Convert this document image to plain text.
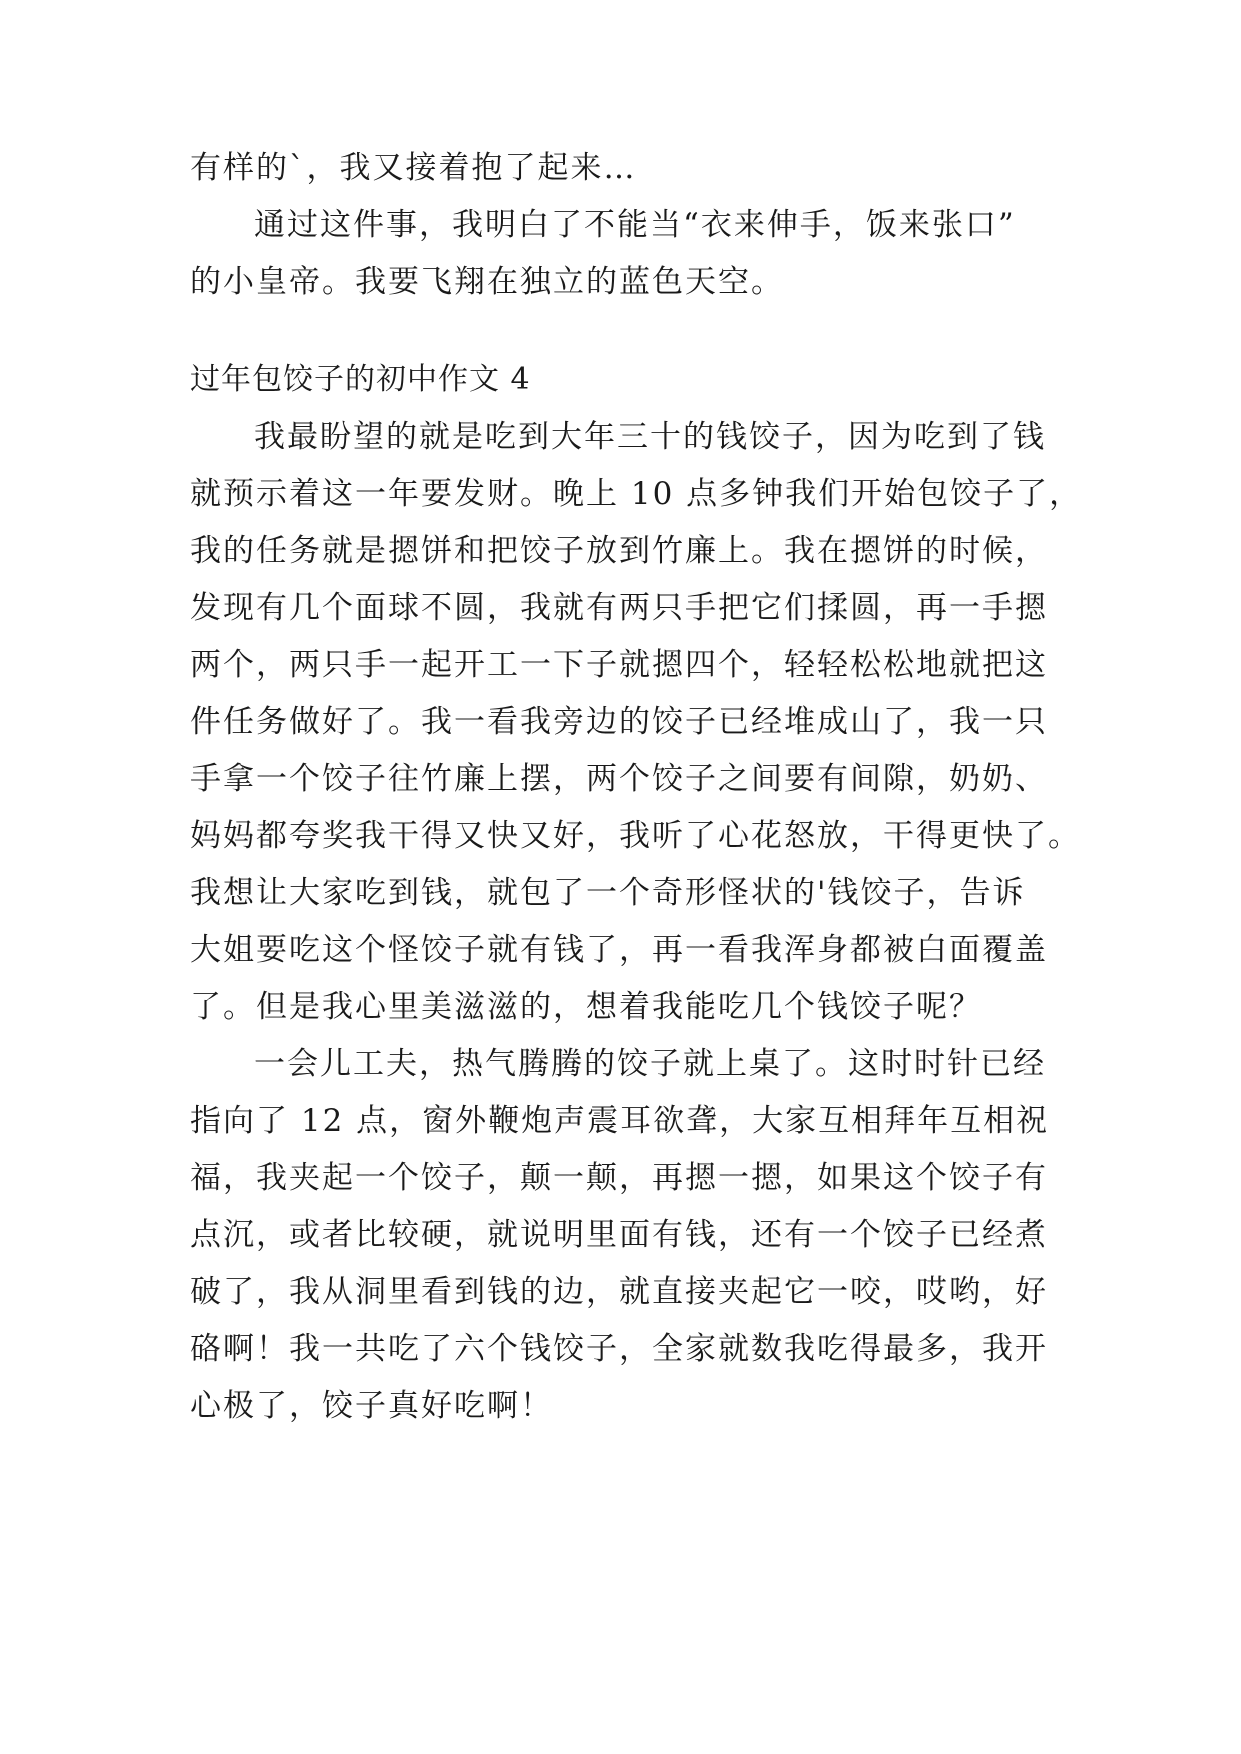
有样的`，我又接着抱了起来…
通过这件事，我明白了不能当“衣来伸手，饭来张口”
的小皇帝。我要飞翔在独立的蓝色天空。
过年包饺子的初中作文 4
我最盼望的就是吃到大年三十的钱饺子，因为吃到了钱
就预示着这一年要发财。晚上 10 点多钟我们开始包饺子了，
我的任务就是摁饼和把饺子放到竹廉上。我在摁饼的时候，
发现有几个面球不圆，我就有两只手把它们揉圆，再一手摁
两个，两只手一起开工一下子就摁四个，轻轻松松地就把这
件任务做好了。我一看我旁边的饺子已经堆成山了，我一只
手拿一个饺子往竹廉上摆，两个饺子之间要有间隙，奶奶、
妈妈都夸奖我干得又快又好，我听了心花怒放，干得更快了。
我想让大家吃到钱，就包了一个奇形怪状的'钱饺子，告诉
大姐要吃这个怪饺子就有钱了，再一看我浑身都被白面覆盖
了。但是我心里美滋滋的，想着我能吃几个钱饺子呢？
一会儿工夫，热气腾腾的饺子就上桌了。这时时针已经
指向了 12 点，窗外鞭炮声震耳欲聋，大家互相拜年互相祝
福，我夹起一个饺子，颠一颠，再摁一摁，如果这个饺子有
点沉，或者比较硬，就说明里面有钱，还有一个饺子已经煮
破了，我从洞里看到钱的边，就直接夹起它一咬，哎哟，好
硌啊！我一共吃了六个钱饺子，全家就数我吃得最多，我开
心极了，饺子真好吃啊！
